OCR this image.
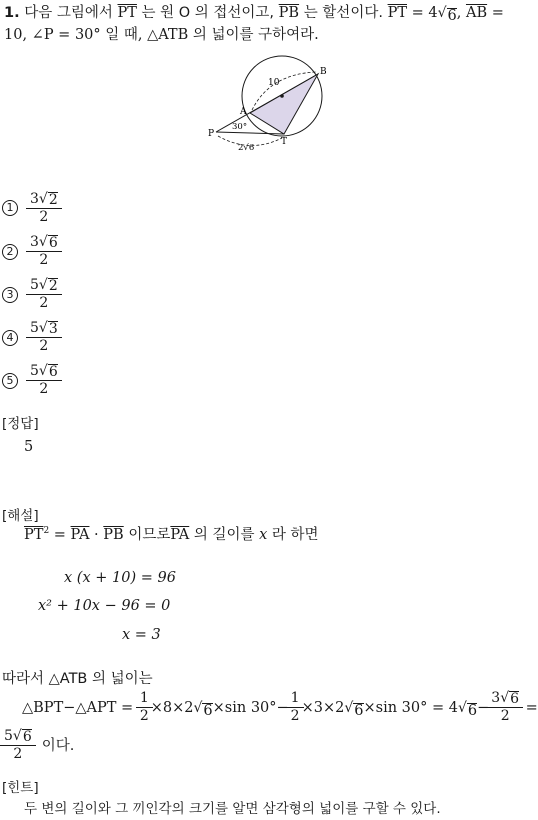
1. 다음 그림에서 $\overline{PT}$ 는 원 O 의 접선이고, $\overline{PB}$ 는 할선이다. $\overline{PT} = 4$ √ 6 , $\overline{AB}$ =
10, ∠P = 30° 일 때, △ATB 의 넓이를 구하여라.
10
B
A
P
T
30°
2√6
1	$\frac{3 √ 2}{2}$
2	$\frac{3 √ 6}{2}$
3	$\frac{5 √ 2}{2}$
4	$\frac{5 √ 3}{2}$
5	$\frac{5 √ 6}{2}$
[정답]
5
[해설]
$\overline{PT}^2 = \overline{PA} \cdot \overline{PB}$ 이므로$\overline{PA}$ 의 길이를 x 라 하면
x (x + 10) = 96
x² + 10x − 96 = 0
x = 3
따라서 △ATB 의 넓이는
△BPT−△APT =
$\frac{1}{2} \times 8\times 2$ √ 6 ×sin $30^\circ- \frac{1}{2} \times 3\times 2$ √ 6 ×sin 30° = 4 √ $6 - \frac{3 √ 6}{2}$
=
$\frac{5 √ 6}{2}$ 이다.
[힌트]
두 변의 길이와 그 끼인각의 크기를 알면 삼각형의 넓이를 구할 수 있다.
